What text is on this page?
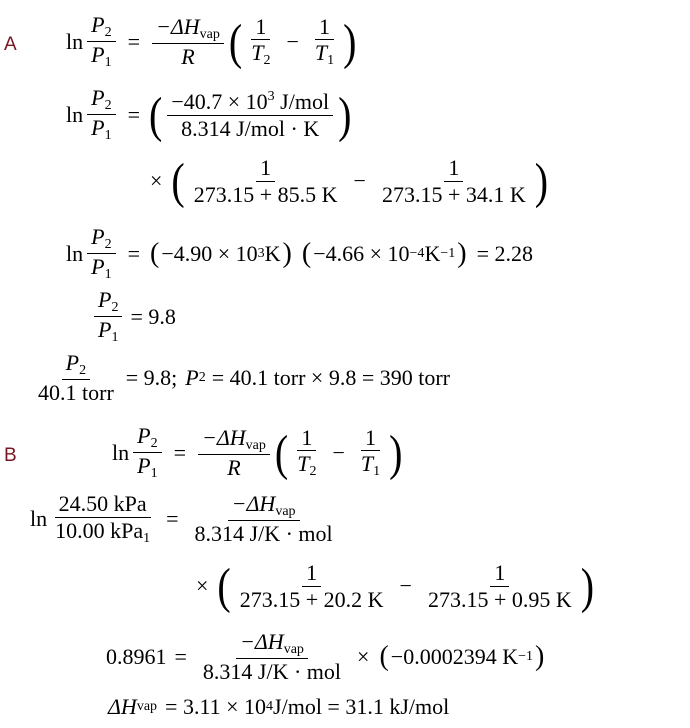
A $\ln \frac{P_2}{P_1} = \frac{-\Delta H_{vap}}{R}$ ( $\frac{1}{T_2} - \frac{1}{T_1}$ )
$\ln \frac{P_2}{P_1}$ = ( $\frac{-40.7 \times 10^3 J/mol}{\text{8.314 J/mol · K}}$ )
× ( $\frac{1}{273.15 + 85.5 K} - \frac{1}{273.15 + 34.1 K}$ )
$\ln \frac{P_2}{P_1}$ = ( −4.90 × 10 3 K ) ( −4.66 × 10 −4 K −1 ) = 2.28
$\frac{P_2}{P_1} = 9.8$
$\frac{P_2}{\text{40.1 torr}} = 9.8$; P 2 = 40.1 torr × 9.8 = 390 torr
B	$\ln \frac{P_2}{P_1} = \frac{-\Delta H_{vap}}{R}$ ( $\frac{1}{T_2} - \frac{1}{T_1}$ )
$\ln \frac{\text{24.50 kPa}}{10.00 kPa_1} = \frac{-\Delta H_{vap}}{\text{8.314 J/K · mol}}$
× ( $\frac{1}{273.15 + 20.2 K} - \frac{1}{273.15 + 0.95 K}$ )
$0.8961 = \frac{-\Delta H_{vap}}{\text{8.314 J/K · mol}}$ × ( −0.0002394 K −1 )
ΔH vap = 3.11 × 10 4 J/mol = 31.1 kJ/mol
